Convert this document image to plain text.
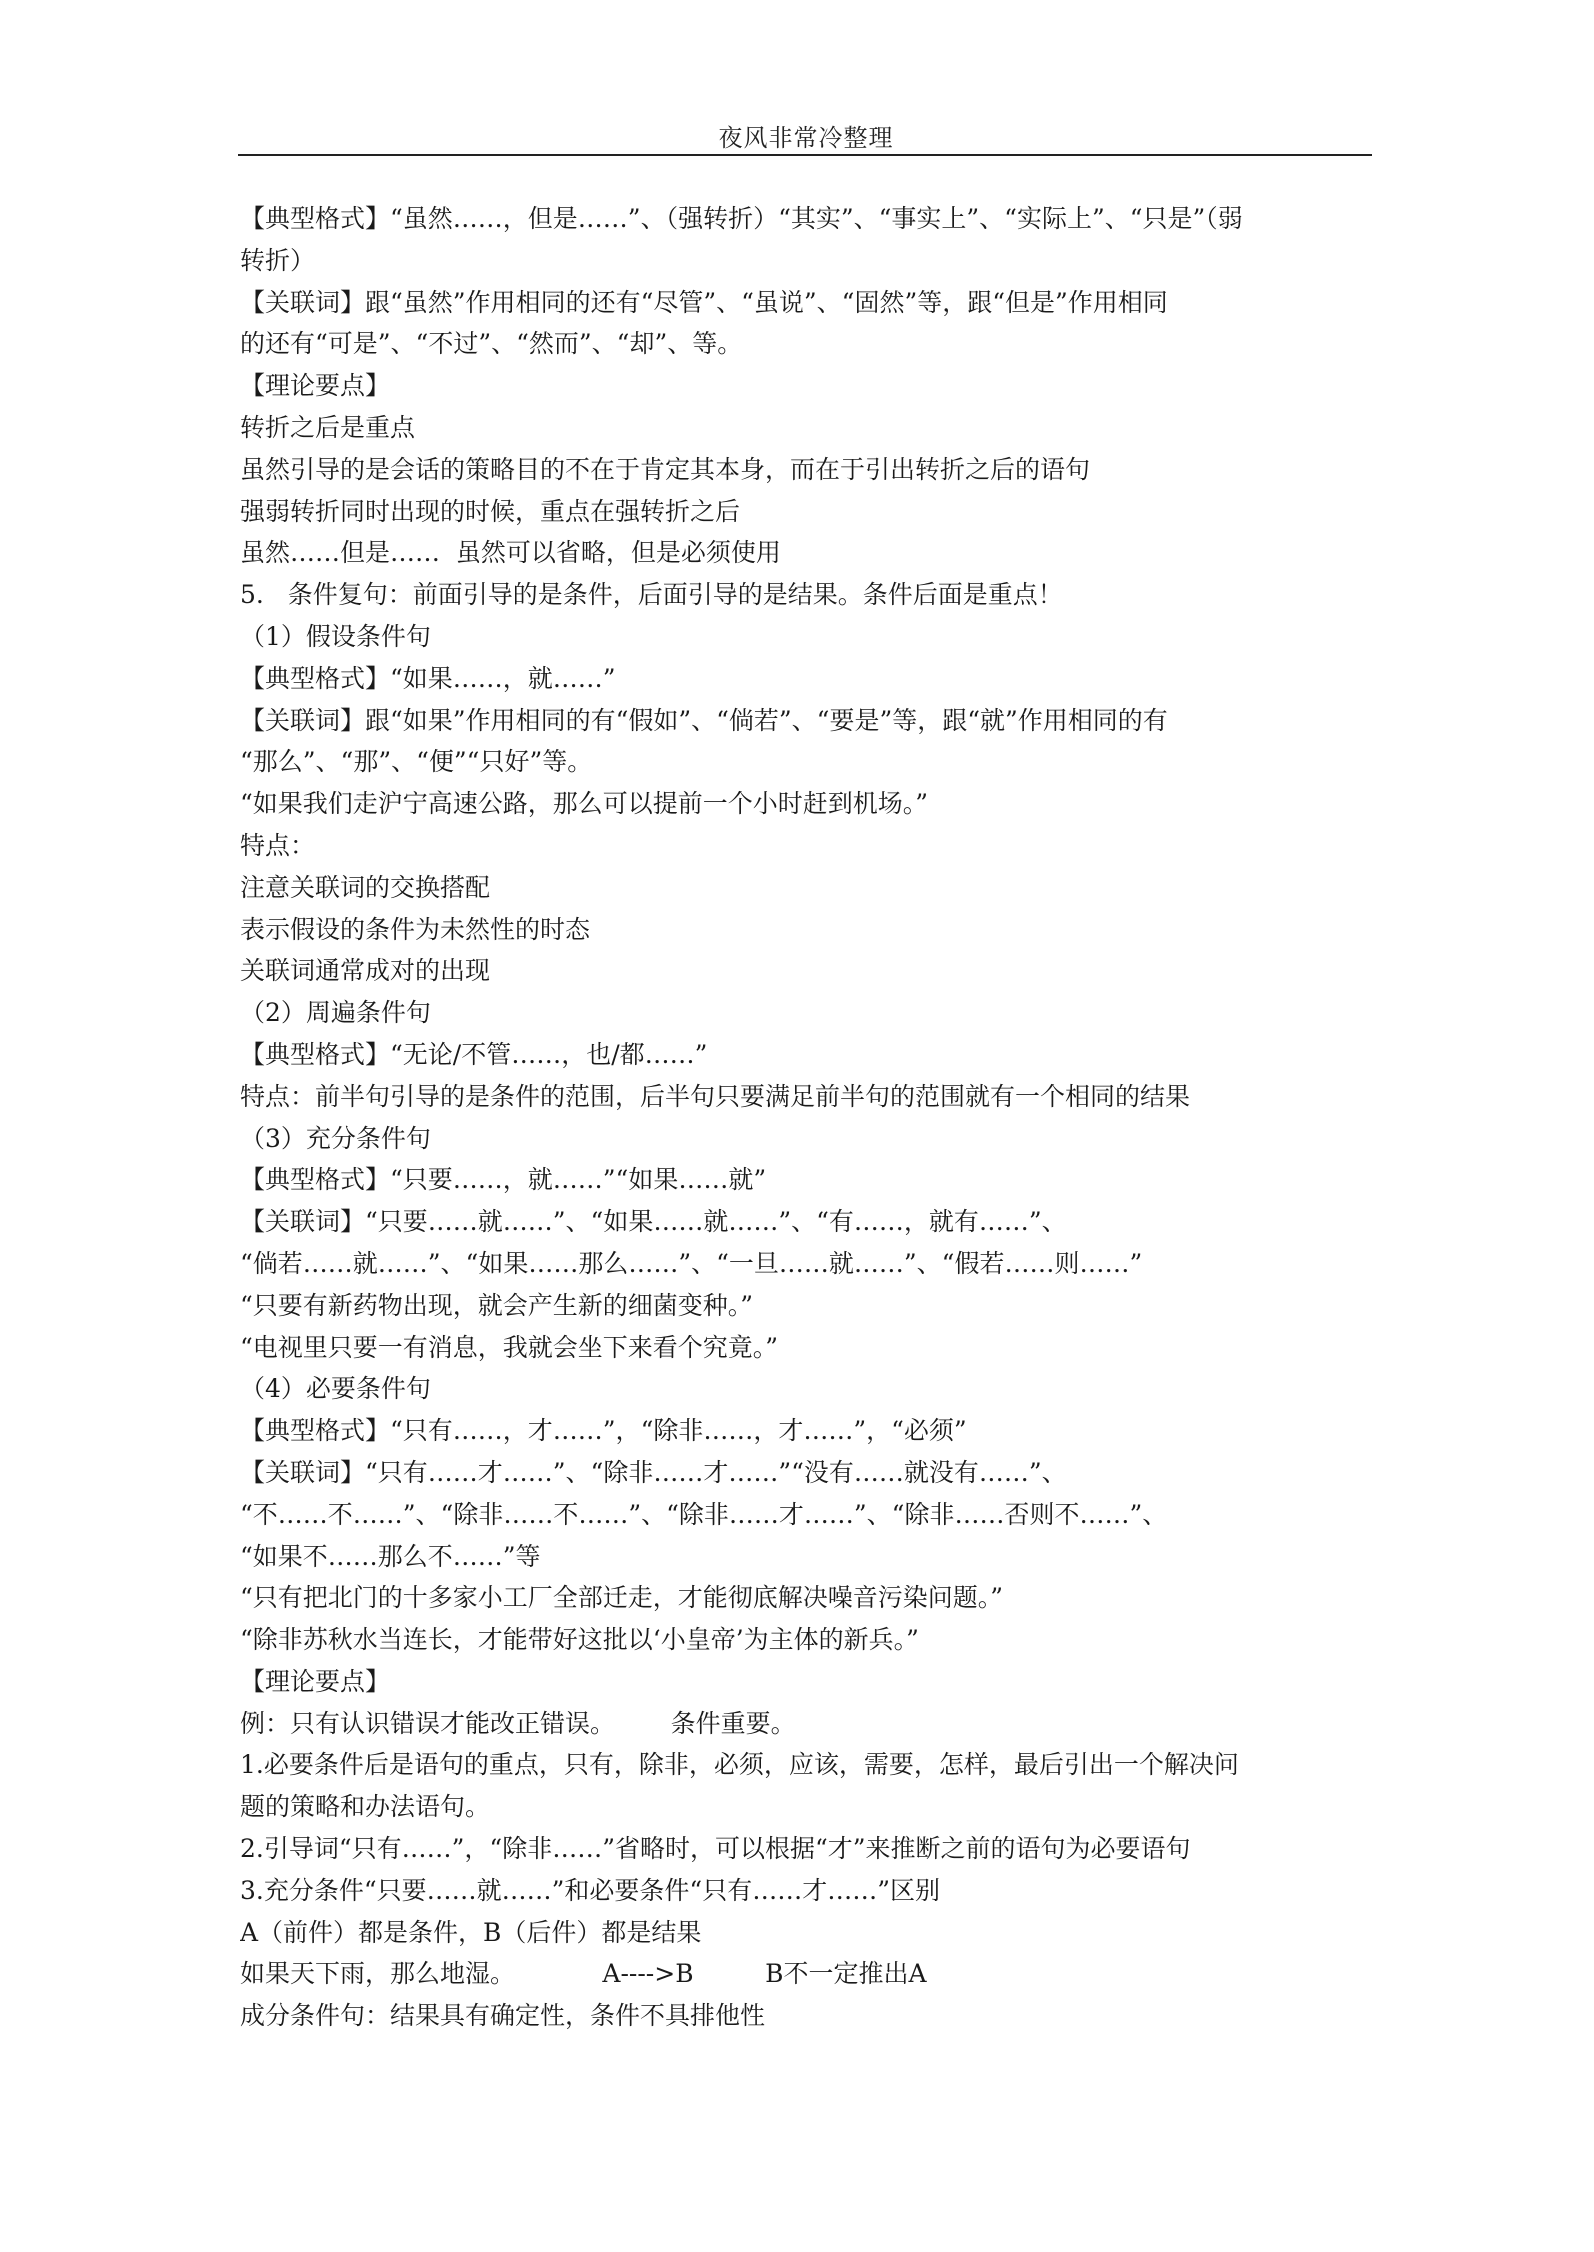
夜风非常冷整理
【典型格式】“虽然……，但是……”、（强转折）“其实”、“事实上”、“实际上”、“只是”（弱
转折）
【关联词】跟“虽然”作用相同的还有“尽管”、“虽说”、“固然”等，跟“但是”作用相同
的还有“可是”、“不过”、“然而”、“却”、等。
【理论要点】
转折之后是重点
虽然引导的是会话的策略目的不在于肯定其本身，而在于引出转折之后的语句
强弱转折同时出现的时候，重点在强转折之后
虽然……但是……  虽然可以省略，但是必须使用
5.   条件复句：前面引导的是条件，后面引导的是结果。条件后面是重点！
（1）假设条件句
【典型格式】“如果……，就……”
【关联词】跟“如果”作用相同的有“假如”、“倘若”、“要是”等，跟“就”作用相同的有
“那么”、“那”、“便”“只好”等。
“如果我们走沪宁高速公路，那么可以提前一个小时赶到机场。”
特点：
注意关联词的交换搭配
表示假设的条件为未然性的时态
关联词通常成对的出现
（2）周遍条件句
【典型格式】“无论/不管……，也/都……”
特点：前半句引导的是条件的范围，后半句只要满足前半句的范围就有一个相同的结果
（3）充分条件句
【典型格式】“只要……，就……”“如果……就”
【关联词】“只要……就……”、“如果……就……”、“有……，就有……”、
“倘若……就……”、“如果……那么……”、“一旦……就……”、“假若……则……”
“只要有新药物出现，就会产生新的细菌变种。”
“电视里只要一有消息，我就会坐下来看个究竟。”
（4）必要条件句
【典型格式】“只有……，才……”，“除非……，才……”，“必须”
【关联词】“只有……才……”、“除非……才……”“没有……就没有……”、
“不……不……”、“除非……不……”、“除非……才……”、“除非……否则不……”、
“如果不……那么不……”等
“只有把北门的十多家小工厂全部迁走，才能彻底解决噪音污染问题。”
“除非苏秋水当连长，才能带好这批以‘小皇帝’为主体的新兵。”
【理论要点】
例：只有认识错误才能改正错误。       条件重要。
1.必要条件后是语句的重点，只有，除非，必须，应该，需要，怎样，最后引出一个解决问
题的策略和办法语句。
2.引导词“只有……”，“除非……”省略时，可以根据“才”来推断之前的语句为必要语句
3.充分条件“只要……就……”和必要条件“只有……才……”区别
A（前件）都是条件，B（后件）都是结果
如果天下雨，那么地湿。           A---->B         B不一定推出A
成分条件句：结果具有确定性，条件不具排他性
